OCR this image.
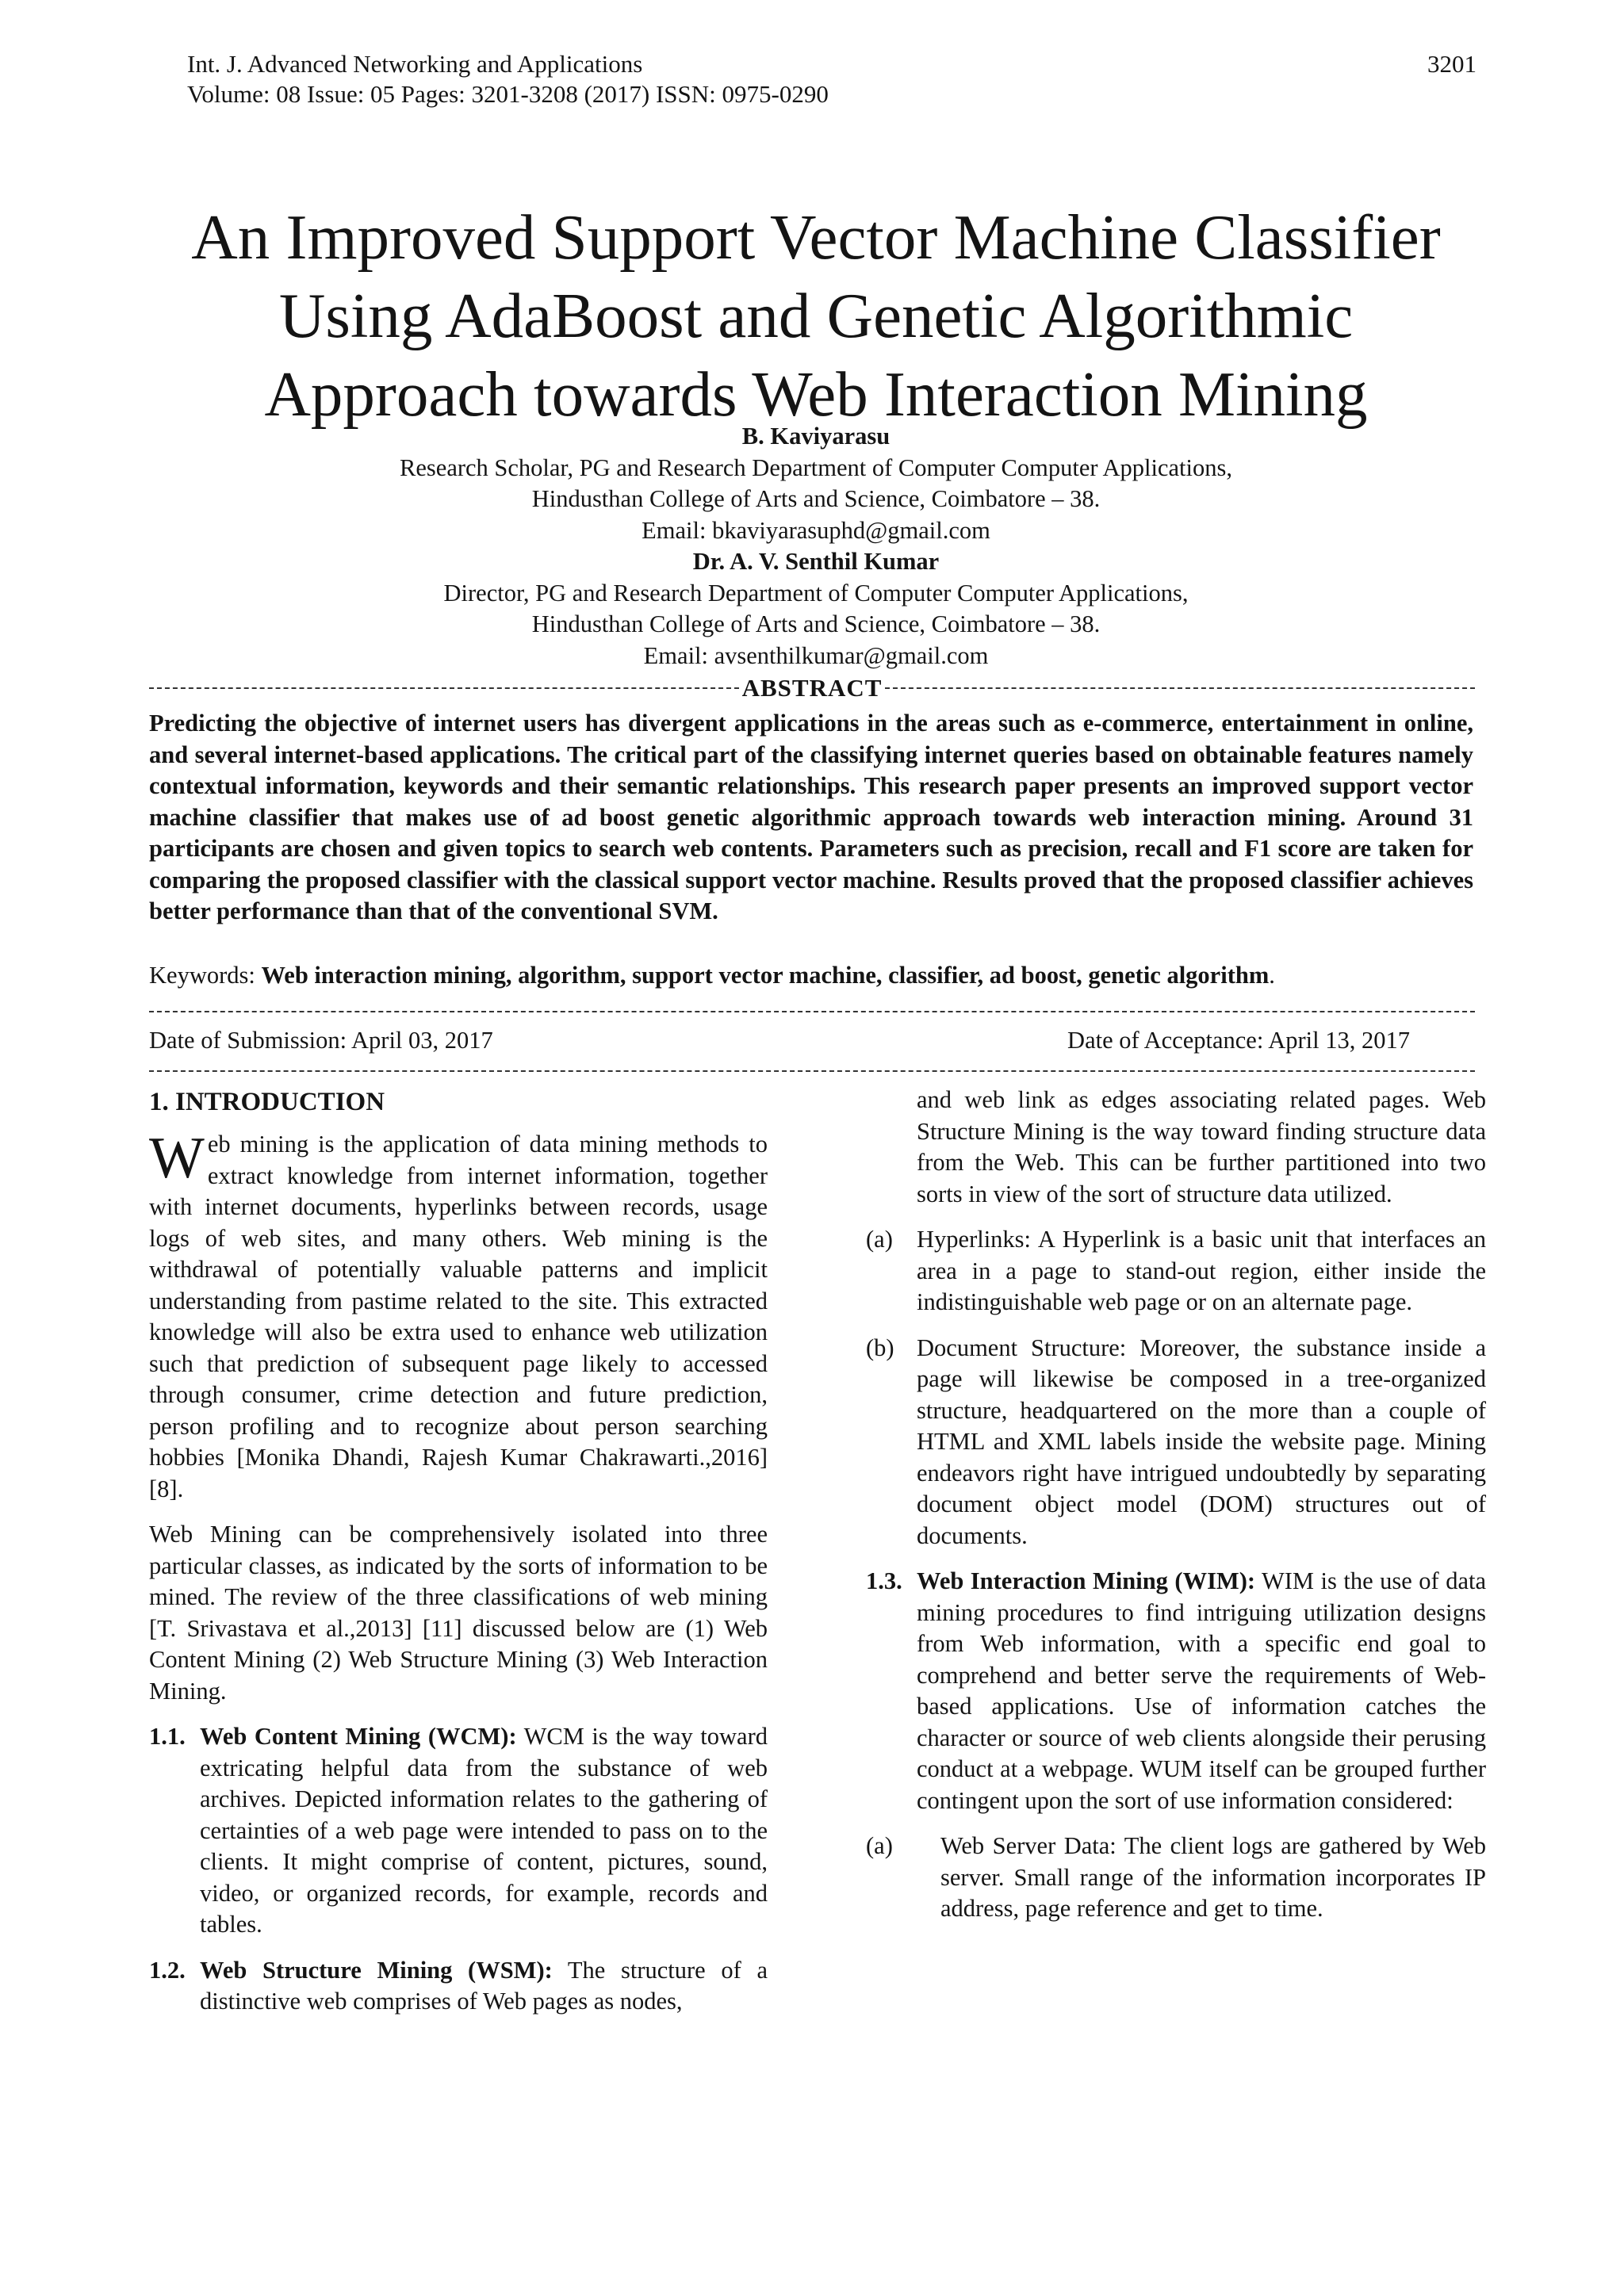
Int. J. Advanced Networking and Applications
Volume: 08 Issue: 05 Pages: 3201-3208 (2017) ISSN: 0975-0290
3201
An Improved Support Vector Machine Classifier
Using AdaBoost and Genetic Algorithmic
Approach towards Web Interaction Mining
B. Kaviyarasu
Research Scholar, PG and Research Department of Computer Computer Applications,
Hindusthan College of Arts and Science, Coimbatore – 38.
Email: bkaviyarasuphd@gmail.com
Dr. A. V. Senthil Kumar
Director, PG and Research Department of Computer Computer Applications,
Hindusthan College of Arts and Science, Coimbatore – 38.
Email: avsenthilkumar@gmail.com
ABSTRACT

Predicting the objective of internet users has divergent applications in the areas such as e-commerce, entertainment in online, and several internet-based applications. The critical part of the classifying internet queries based on obtainable features namely contextual information, keywords and their semantic relationships. This research paper presents an improved support vector machine classifier that makes use of ad boost genetic algorithmic approach towards web interaction mining. Around 31 participants are chosen and given topics to search web contents. Parameters such as precision, recall and F1 score are taken for comparing the proposed classifier with the classical support vector machine. Results proved that the proposed classifier achieves better performance than that of the conventional SVM.

Keywords: Web interaction mining, algorithm, support vector machine, classifier, ad boost, genetic algorithm.
Date of Submission: April 03, 2017	Date of Acceptance: April 13, 2017
1. INTRODUCTION

Web mining is the application of data mining methods to extract knowledge from internet information, together with internet documents, hyperlinks between records, usage logs of web sites, and many others. Web mining is the withdrawal of potentially valuable patterns and implicit understanding from pastime related to the site. This extracted knowledge will also be extra used to enhance web utilization such that prediction of subsequent page likely to accessed through consumer, crime detection and future prediction, person profiling and to recognize about person searching hobbies [Monika Dhandi, Rajesh Kumar Chakrawarti.,2016] [8].

Web Mining can be comprehensively isolated into three particular classes, as indicated by the sorts of information to be mined. The review of the three classifications of web mining [T. Srivastava et al.,2013] [11] discussed below are (1) Web Content Mining (2) Web Structure Mining (3) Web Interaction Mining.

1.1. Web Content Mining (WCM): WCM is the way toward extricating helpful data from the substance of web archives. Depicted information relates to the gathering of certainties of a web page were intended to pass on to the clients. It might comprise of content, pictures, sound, video, or organized records, for example, records and tables.
1.2. Web Structure Mining (WSM): The structure of a distinctive web comprises of Web pages as nodes,

and web link as edges associating related pages. Web Structure Mining is the way toward finding structure data from the Web. This can be further partitioned into two sorts in view of the sort of structure data utilized.

(a) Hyperlinks: A Hyperlink is a basic unit that interfaces an area in a page to stand-out region, either inside the indistinguishable web page or on an alternate page.
(b) Document Structure: Moreover, the substance inside a page will likewise be composed in a tree-organized structure, headquartered on the more than a couple of HTML and XML labels inside the website page. Mining endeavors right have intrigued undoubtedly by separating document object model (DOM) structures out of documents.
1.3. Web Interaction Mining (WIM): WIM is the use of data mining procedures to find intriguing utilization designs from Web information, with a specific end goal to comprehend and better serve the requirements of Web-based applications. Use of information catches the character or source of web clients alongside their perusing conduct at a webpage. WUM itself can be grouped further contingent upon the sort of use information considered:
(a)	Web Server Data: The client logs are gathered by Web server. Small range of the information incorporates IP address, page reference and get to time.
